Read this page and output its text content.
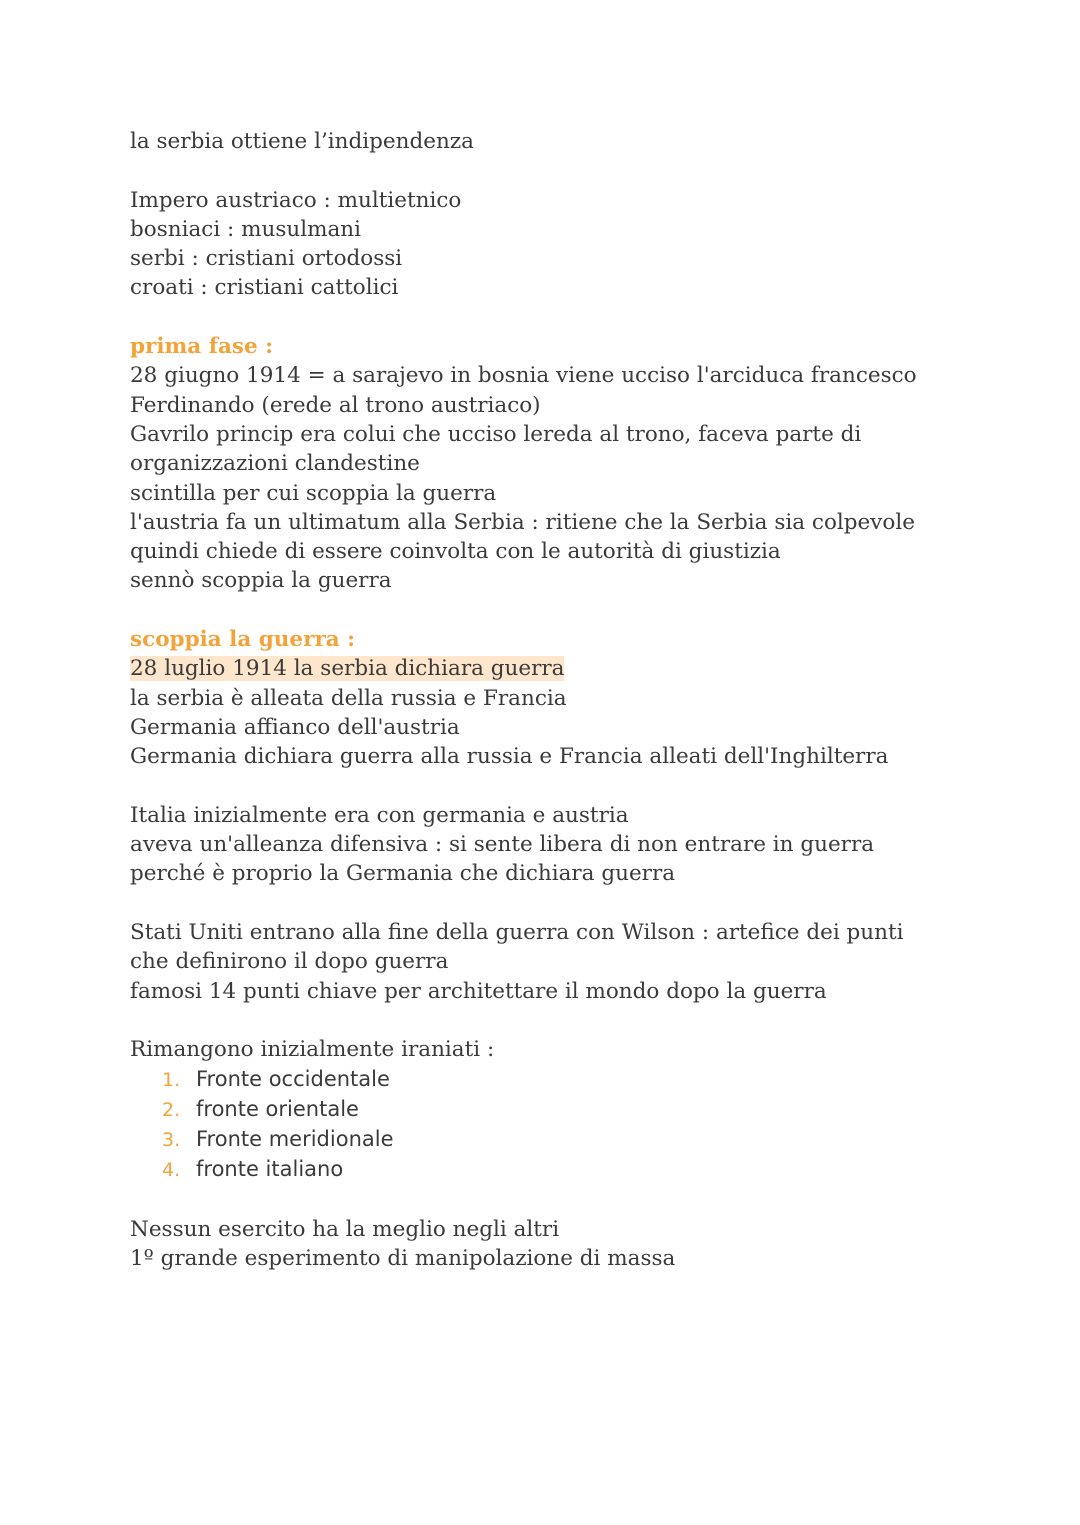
la serbia ottiene l’indipendenza
Impero austriaco : multietnico
bosniaci : musulmani
serbi : cristiani ortodossi
croati : cristiani cattolici
prima fase :
28 giugno 1914 = a sarajevo in bosnia viene ucciso l'arciduca francesco
Ferdinando (erede al trono austriaco)
Gavrilo princip era colui che ucciso lereda al trono, faceva parte di
organizzazioni clandestine
scintilla per cui scoppia la guerra
l'austria fa un ultimatum alla Serbia : ritiene che la Serbia sia colpevole
quindi chiede di essere coinvolta con le autorità di giustizia
sennò scoppia la guerra
scoppia la guerra :
28 luglio 1914 la serbia dichiara guerra
la serbia è alleata della russia e Francia
Germania affianco dell'austria
Germania dichiara guerra alla russia e Francia alleati dell'Inghilterra
Italia inizialmente era con germania e austria
aveva un'alleanza difensiva : si sente libera di non entrare in guerra
perché è proprio la Germania che dichiara guerra
Stati Uniti entrano alla fine della guerra con Wilson : artefice dei punti
che definirono il dopo guerra
famosi 14 punti chiave per architettare il mondo dopo la guerra
Rimangono inizialmente iraniati :
1. Fronte occidentale
2. fronte orientale
3. Fronte meridionale
4. fronte italiano
Nessun esercito ha la meglio negli altri
1º grande esperimento di manipolazione di massa
